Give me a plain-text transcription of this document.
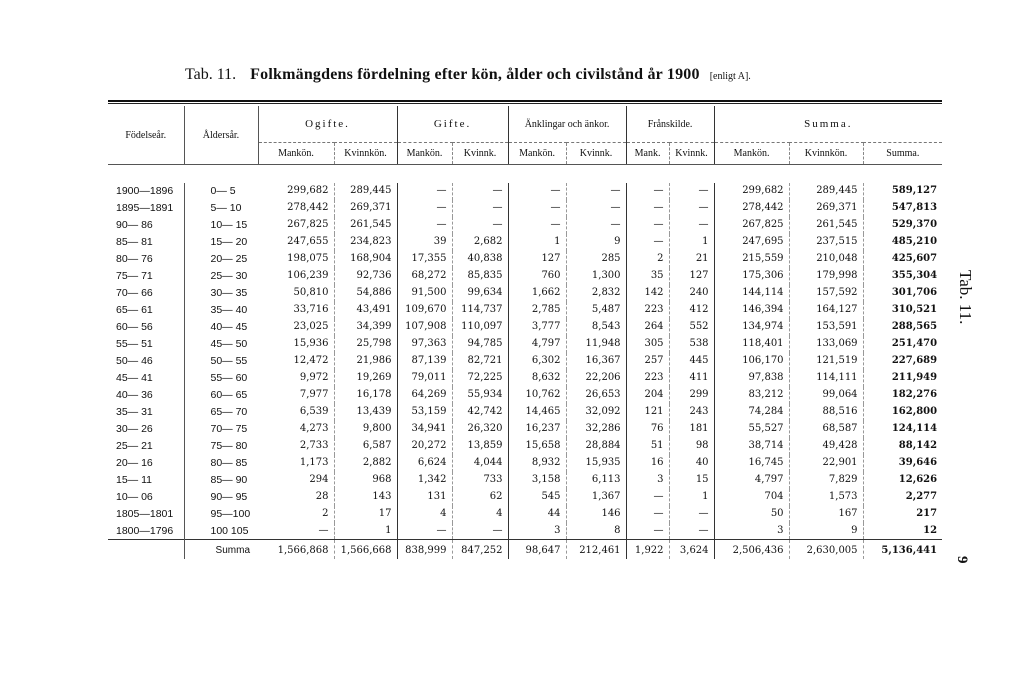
Tab. 11. Folkmängdens fördelning efter kön, ålder och civilstånd år 1900 [enligt A].
Födelseår.	Åldersår.	Ogifte.		Gifte.		Änklingar och änkor.		Frånskilde.		Summa.		
		Mankön.	Kvinnkön.	Mankön.	Kvinnk.	Mankön.	Kvinnk.	Mank.	Kvinnk.	Mankön.	Kvinnkön.	Summa.

1900—1896	0— 5	299,682	289,445	—	—	—	—	—	—	299,682	289,445	589,127
1895—1891	5— 10	278,442	269,371	—	—	—	—	—	—	278,442	269,371	547,813
90— 86	10— 15	267,825	261,545	—	—	—	—	—	—	267,825	261,545	529,370
85— 81	15— 20	247,655	234,823	39	2,682	1	9	—	1	247,695	237,515	485,210
80— 76	20— 25	198,075	168,904	17,355	40,838	127	285	2	21	215,559	210,048	425,607
75— 71	25— 30	106,239	92,736	68,272	85,835	760	1,300	35	127	175,306	179,998	355,304
70— 66	30— 35	50,810	54,886	91,500	99,634	1,662	2,832	142	240	144,114	157,592	301,706
65— 61	35— 40	33,716	43,491	109,670	114,737	2,785	5,487	223	412	146,394	164,127	310,521
60— 56	40— 45	23,025	34,399	107,908	110,097	3,777	8,543	264	552	134,974	153,591	288,565
55— 51	45— 50	15,936	25,798	97,363	94,785	4,797	11,948	305	538	118,401	133,069	251,470
50— 46	50— 55	12,472	21,986	87,139	82,721	6,302	16,367	257	445	106,170	121,519	227,689
45— 41	55— 60	9,972	19,269	79,011	72,225	8,632	22,206	223	411	97,838	114,111	211,949
40— 36	60— 65	7,977	16,178	64,269	55,934	10,762	26,653	204	299	83,212	99,064	182,276
35— 31	65— 70	6,539	13,439	53,159	42,742	14,465	32,092	121	243	74,284	88,516	162,800
30— 26	70— 75	4,273	9,800	34,941	26,320	16,237	32,286	76	181	55,527	68,587	124,114
25— 21	75— 80	2,733	6,587	20,272	13,859	15,658	28,884	51	98	38,714	49,428	88,142
20— 16	80— 85	1,173	2,882	6,624	4,044	8,932	15,935	16	40	16,745	22,901	39,646
15— 11	85— 90	294	968	1,342	733	3,158	6,113	3	15	4,797	7,829	12,626
10— 06	90— 95	28	143	131	62	545	1,367	—	1	704	1,573	2,277
1805—1801	95—100	2	17	4	4	44	146	—	—	50	167	217
1800—1796	100 105	—	1	—	—	3	8	—	—	3	9	12
	Summa	1,566,868	1,566,668	838,999	847,252	98,647	212,461	1,922	3,624	2,506,436	2,630,005	5,136,441
Tab. 11.
9
